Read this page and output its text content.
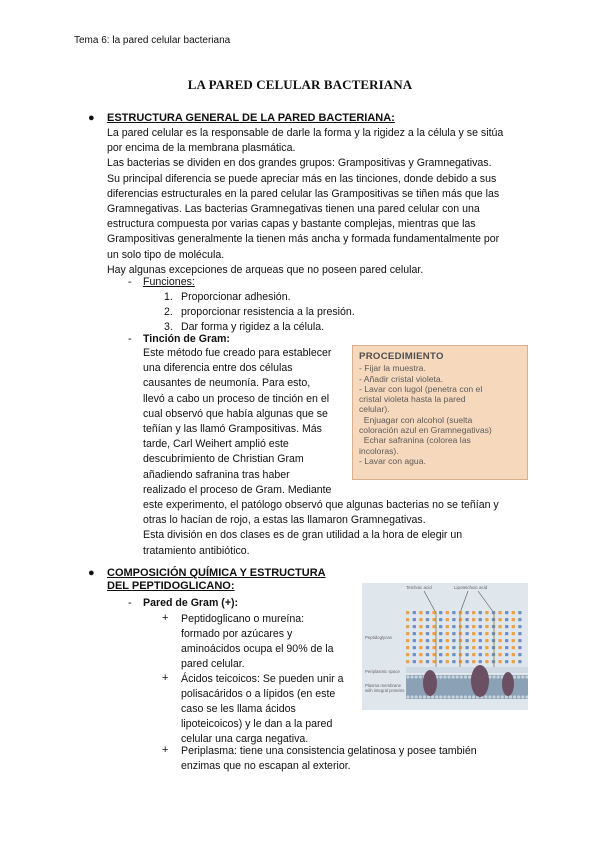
Tema 6: la pared celular bacteriana
LA PARED CELULAR BACTERIANA
● ESTRUCTURA GENERAL DE LA PARED BACTERIANA:

La pared celular es la responsable de darle la forma y la rigidez a la célula y se sitúa

por encima de la membrana plasmática.

Las bacterias se dividen en dos grandes grupos: Grampositivas y Gramnegativas.

Su principal diferencia se puede apreciar más en las tinciones, donde debido a sus

diferencias estructurales en la pared celular las Grampositivas se tiñen más que las

Gramnegativas. Las bacterias Gramnegativas tienen una pared celular con una

estructura compuesta por varias capas y bastante complejas, mientras que las

Grampositivas generalmente la tienen más ancha y formada fundamentalmente por

un solo tipo de molécula.

Hay algunas excepciones de arqueas que no poseen pared celular.

- Funciones:
1. Proporcionar adhesión.
2. proporcionar resistencia a la presión.
3. Dar forma y rigidez a la célula.
- Tinción de Gram:

Este método fue creado para establecer

una diferencia entre dos células

causantes de neumonía. Para esto,

llevó a cabo un proceso de tinción en el

cual observó que había algunas que se

teñían y las llamó Grampositivas. Más

tarde, Carl Weihert amplió este

descubrimiento de Christian Gram

añadiendo safranina tras haber

realizado el proceso de Gram. Mediante

este experimento, el patólogo observó que algunas bacterias no se teñían y

otras lo hacían de rojo, a estas las llamaron Gramnegativas.

Esta división en dos clases es de gran utilidad a la hora de elegir un

tratamiento antibiótico.

PROCEDIMIENTO

- Fijar la muestra.

- Añadir cristal violeta.

- Lavar con lugol (penetra con el

cristal violeta hasta la pared

celular).

Enjuagar con alcohol (suelta

coloración azul en Gramnegativas)

Echar safranina (colorea las

incoloras).

- Lavar con agua.

● COMPOSICIÓN QUÍMICA Y ESTRUCTURA
DEL PEPTIDOGLICANO:
- Pared de Gram (+):
+ Peptidoglicano o mureína:

formado por azúcares y

aminoácidos ocupa el 90% de la

pared celular.

+ Ácidos teicoicos: Se pueden unir a

polisacáridos o a lípidos (en este

caso se les llama ácidos

lipoteicoicos) y le dan a la pared

celular una carga negativa.

+ Periplasma: tiene una consistencia gelatinosa y posee también

enzimas que no escapan al exterior.

Teichoic acid	Lipoteichoic acid
Peptidoglycan
Periplasmic space
Plasma membrane
with integral proteins
